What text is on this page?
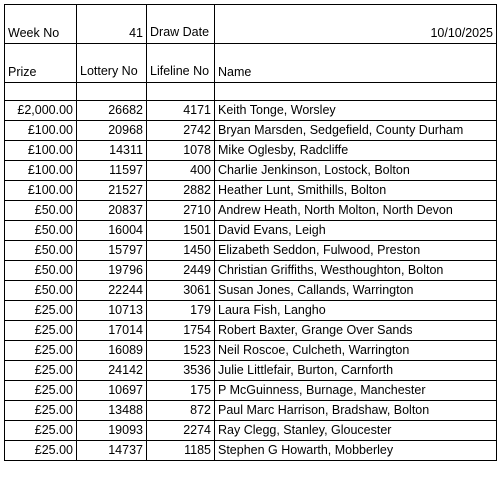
Week No	41	Draw Date	10/10/2025
Prize	Lottery No	Lifeline No	Name

£2,000.00	26682	4171	Keith Tonge, Worsley
£100.00	20968	2742	Bryan Marsden, Sedgefield, County Durham
£100.00	14311	1078	Mike Oglesby, Radcliffe
£100.00	11597	400	Charlie Jenkinson, Lostock, Bolton
£100.00	21527	2882	Heather Lunt, Smithills, Bolton
£50.00	20837	2710	Andrew Heath, North Molton, North Devon
£50.00	16004	1501	David Evans, Leigh
£50.00	15797	1450	Elizabeth Seddon, Fulwood, Preston
£50.00	19796	2449	Christian Griffiths, Westhoughton, Bolton
£50.00	22244	3061	Susan Jones, Callands, Warrington
£25.00	10713	179	Laura Fish, Langho
£25.00	17014	1754	Robert Baxter, Grange Over Sands
£25.00	16089	1523	Neil Roscoe, Culcheth, Warrington
£25.00	24142	3536	Julie Littlefair, Burton, Carnforth
£25.00	10697	175	P McGuinness, Burnage, Manchester
£25.00	13488	872	Paul Marc Harrison, Bradshaw, Bolton
£25.00	19093	2274	Ray Clegg, Stanley, Gloucester
£25.00	14737	1185	Stephen G Howarth, Mobberley
